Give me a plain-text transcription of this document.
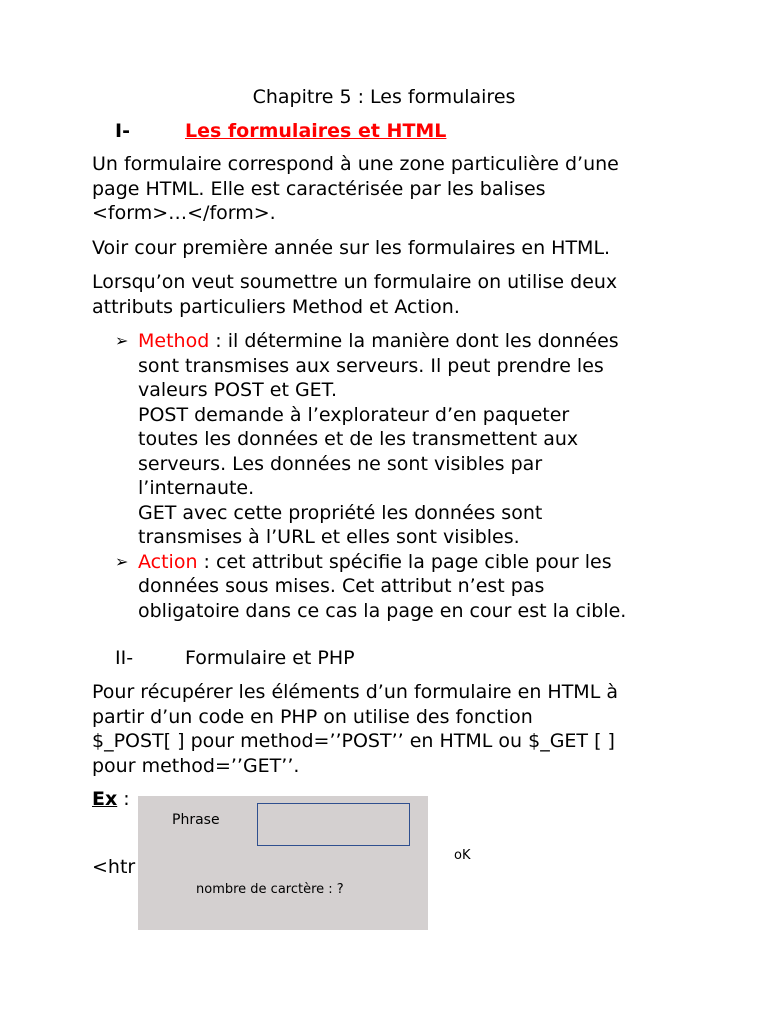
Chapitre 5 : Les formulaires
I-	Les formulaires et HTML

Un formulaire correspond à une zone particulière d’une
page HTML. Elle est caractérisée par les balises
<form>…</form>.

Voir cour première année sur les formulaires en HTML.

Lorsqu’on veut soumettre un formulaire on utilise deux
attributs particuliers Method et Action.

➢ Method : il détermine la manière dont les données
sont transmises aux serveurs. Il peut prendre les
valeurs POST et GET.
POST demande à l’explorateur d’en paqueter
toutes les données et de les transmettent aux
serveurs. Les données ne sont visibles par
l’internaute.
GET avec cette propriété les données sont
transmises à l’URL et elles sont visibles.
➢ Action : cet attribut spécifie la page cible pour les
données sous mises. Cet attribut n’est pas
obligatoire dans ce cas la page en cour est la cible.
II-	Formulaire et PHP

Pour récupérer les éléments d’un formulaire en HTML à
partir d’un code en PHP on utilise des fonction
$_POST[ ] pour method=’’POST’’ en HTML ou $_GET [ ]
pour method=’’GET’’.

Ex :
<htr
Phrase
nombre de carctère : ?
oK
